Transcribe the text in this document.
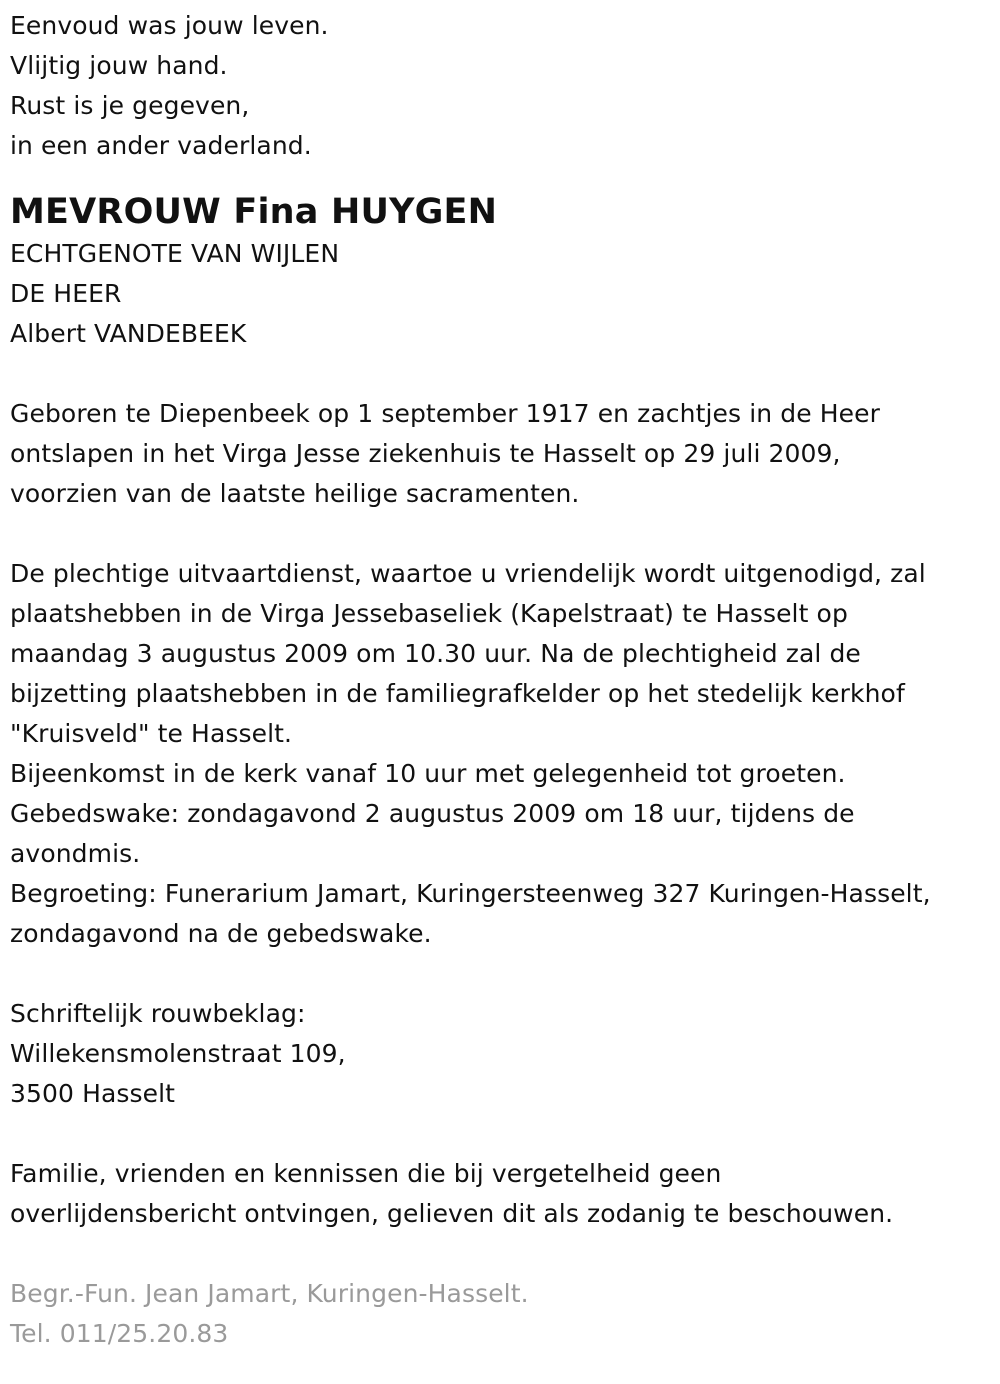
Eenvoud was jouw leven.
Vlijtig jouw hand.
Rust is je gegeven,
in een ander vaderland.
MEVROUW Fina HUYGEN
ECHTGENOTE VAN WIJLEN
DE HEER
Albert VANDEBEEK
Geboren te Diepenbeek op 1 september 1917 en zachtjes in de Heer
ontslapen in het Virga Jesse ziekenhuis te Hasselt op 29 juli 2009,
voorzien van de laatste heilige sacramenten.
De plechtige uitvaartdienst, waartoe u vriendelijk wordt uitgenodigd, zal
plaatshebben in de Virga Jessebaseliek (Kapelstraat) te Hasselt op
maandag 3 augustus 2009 om 10.30 uur. Na de plechtigheid zal de
bijzetting plaatshebben in de familiegrafkelder op het stedelijk kerkhof
"Kruisveld" te Hasselt.
Bijeenkomst in de kerk vanaf 10 uur met gelegenheid tot groeten.
Gebedswake: zondagavond 2 augustus 2009 om 18 uur, tijdens de
avondmis.
Begroeting: Funerarium Jamart, Kuringersteenweg 327 Kuringen-Hasselt,
zondagavond na de gebedswake.
Schriftelijk rouwbeklag:
Willekensmolenstraat 109,
3500 Hasselt
Familie, vrienden en kennissen die bij vergetelheid geen
overlijdensbericht ontvingen, gelieven dit als zodanig te beschouwen.
Begr.-Fun. Jean Jamart, Kuringen-Hasselt.
Tel. 011/25.20.83
